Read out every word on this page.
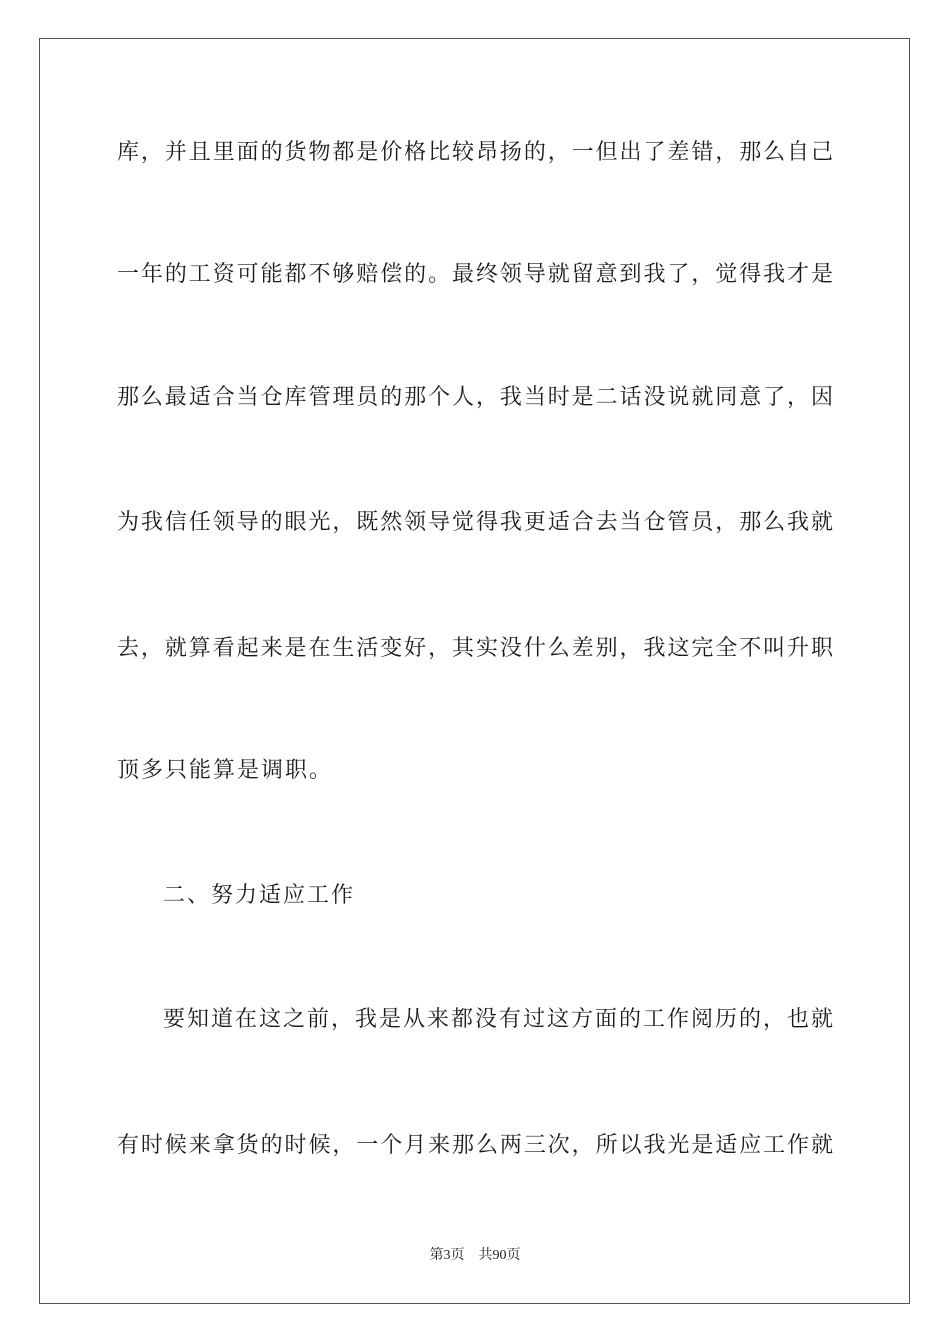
库，并且里面的货物都是价格比较昂扬的，一但出了差错，那么自己
一年的工资可能都不够赔偿的。最终领导就留意到我了，觉得我才是
那么最适合当仓库管理员的那个人，我当时是二话没说就同意了，因
为我信任领导的眼光，既然领导觉得我更适合去当仓管员，那么我就
去，就算看起来是在生活变好，其实没什么差别，我这完全不叫升职
顶多只能算是调职。
二、努力适应工作
要知道在这之前，我是从来都没有过这方面的工作阅历的，也就
有时候来拿货的时候，一个月来那么两三次，所以我光是适应工作就
第3页 共90页
